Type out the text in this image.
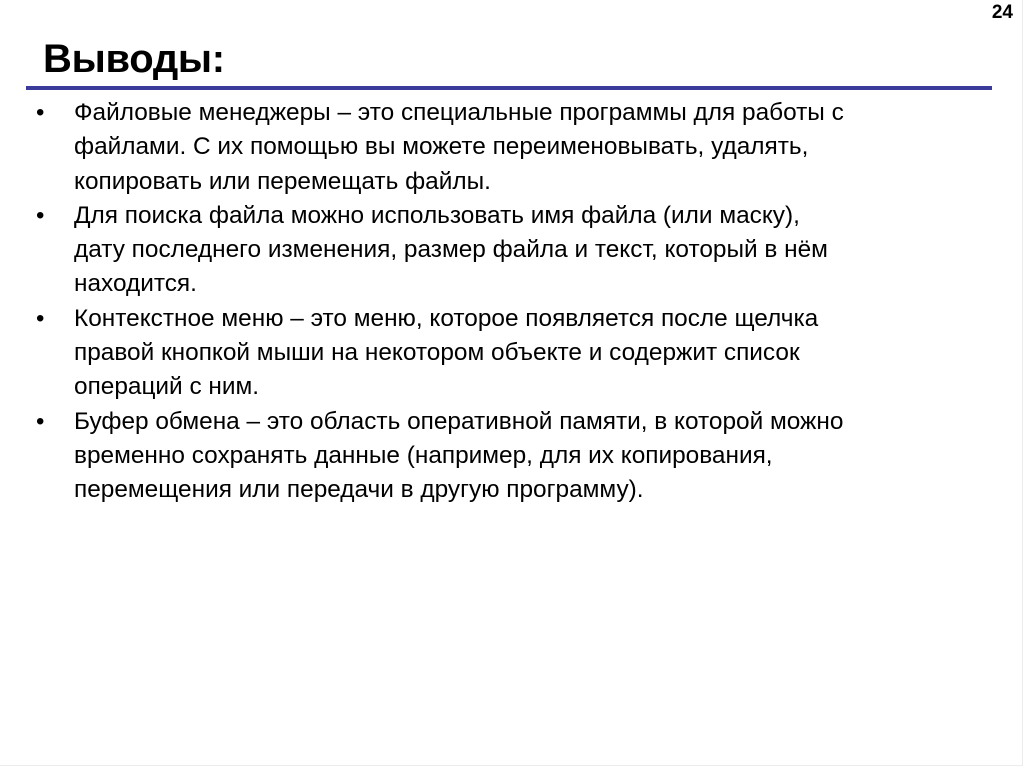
24
Выводы:
• Файловые менеджеры – это специальные программы для работы с
файлами. С их помощью вы можете переименовывать, удалять,
копировать или перемещать файлы.
• Для поиска файла можно использовать имя файла (или маску),
дату последнего изменения, размер файла и текст, который в нём
находится.
• Контекстное меню – это меню, которое появляется после щелчка
правой кнопкой мыши на некотором объекте и содержит список
операций с ним.
• Буфер обмена – это область оперативной памяти, в которой можно
временно сохранять данные (например, для их копирования,
перемещения или передачи в другую программу).
